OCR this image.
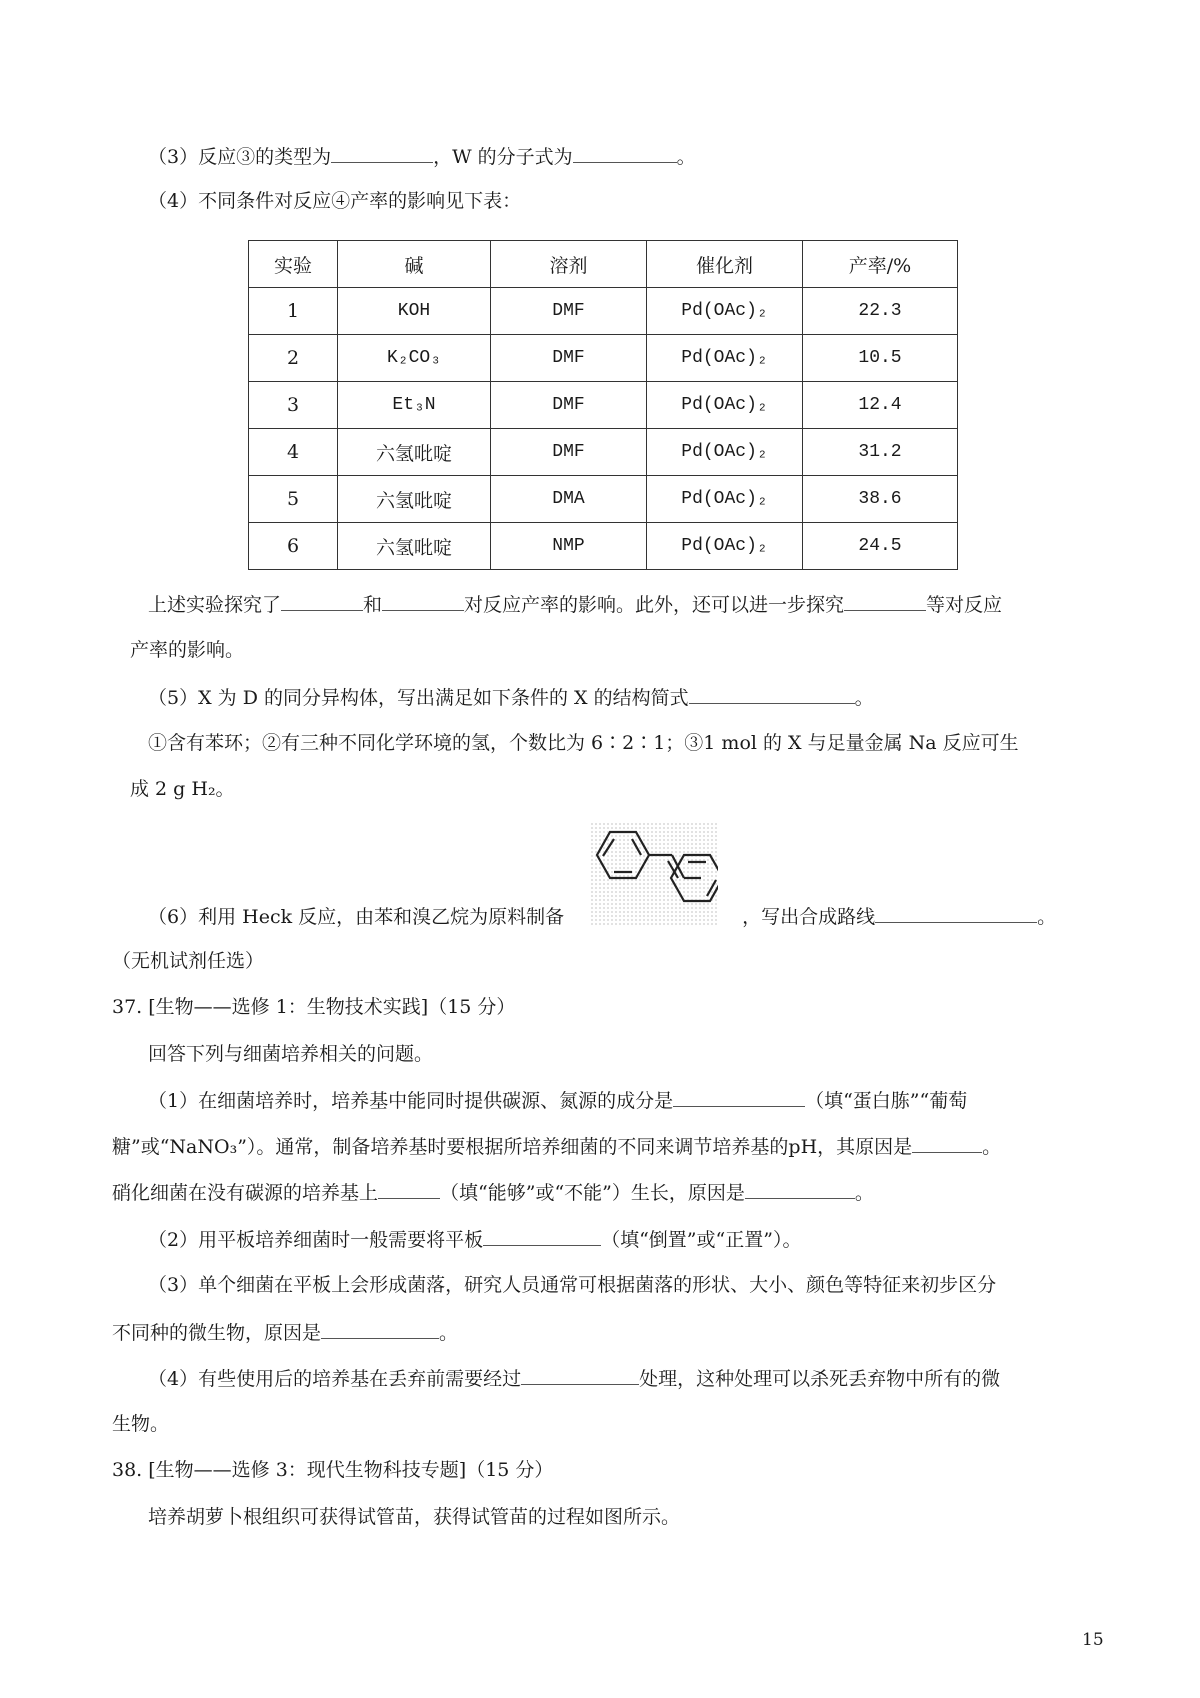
（3）反应③的类型为	，W 的分子式为	。
（4）不同条件对反应④产率的影响见下表：
实验	碱	溶剂	催化剂	产率/%
1	KOH	DMF	Pd(OAc)₂	22.3
2	K₂CO₃	DMF	Pd(OAc)₂	10.5
3	Et₃N	DMF	Pd(OAc)₂	12.4
4	六氢吡啶	DMF	Pd(OAc)₂	31.2
5	六氢吡啶	DMA	Pd(OAc)₂	38.6
6	六氢吡啶	NMP	Pd(OAc)₂	24.5
上述实验探究了	和	对反应产率的影响。此外，还可以进一步探究	等对反应
产率的影响。
（5）X 为 D 的同分异构体，写出满足如下条件的 X 的结构简式	。
①含有苯环；②有三种不同化学环境的氢，个数比为 6∶2∶1；③1 mol 的 X 与足量金属 Na 反应可生
成 2 g H₂。
（6）利用 Heck 反应，由苯和溴乙烷为原料制备	，写出合成路线	。
（无机试剂任选）
37. [生物——选修 1：生物技术实践]（15 分）
回答下列与细菌培养相关的问题。
（1）在细菌培养时，培养基中能同时提供碳源、氮源的成分是	（填“蛋白胨”“葡萄
糖”或“NaNO₃”）。通常，制备培养基时要根据所培养细菌的不同来调节培养基的pH，其原因是	。
硝化细菌在没有碳源的培养基上	（填“能够”或“不能”）生长，原因是	。
（2）用平板培养细菌时一般需要将平板	（填“倒置”或“正置”）。
（3）单个细菌在平板上会形成菌落，研究人员通常可根据菌落的形状、大小、颜色等特征来初步区分
不同种的微生物，原因是	。
（4）有些使用后的培养基在丢弃前需要经过	处理，这种处理可以杀死丢弃物中所有的微
生物。
38. [生物——选修 3：现代生物科技专题]（15 分）
培养胡萝卜根组织可获得试管苗，获得试管苗的过程如图所示。
15
